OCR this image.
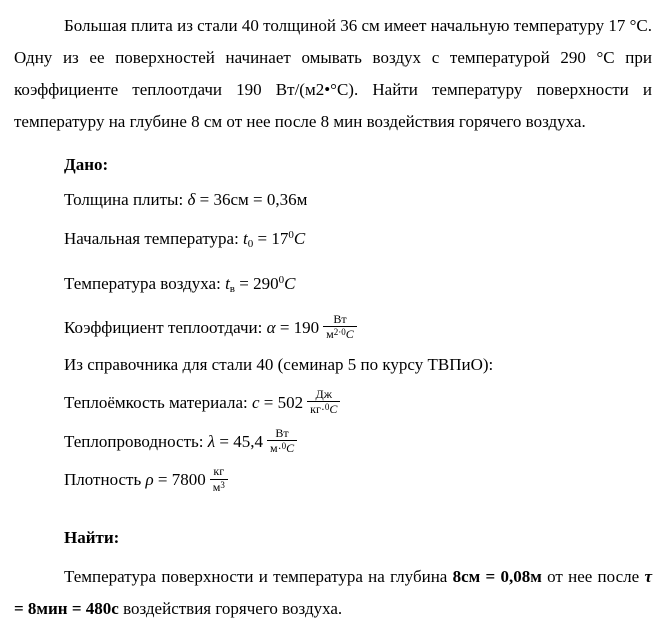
Большая плита из стали 40 толщиной 36 см имеет начальную температуру 17 °С. Одну из ее поверхностей начинает омывать воздух с температурой 290 °С при коэффициенте теплоотдачи 190 Вт/(м2•°С). Найти температуру поверхности и температуру на глубине 8 см от нее после 8 мин воздействия горячего воздуха.

Дано:

Толщина плиты: δ = 36см = 0,36м

Начальная температура: $t_0 = 17^0C$

Температура воздуха: $t_в = 290^0C$

Коэффициент теплоотдачи: $\alpha = 190 \frac{Вт}{м^{2\cdot 0}С}$

Из справочника для стали 40 (семинар 5 по курсу ТВПиО):

Теплоёмкость материала: $c = 502 \frac{Дж}{кг\cdot^0С}$

Теплопроводность: $\lambda = 45,4 \frac{Вт}{м\cdot^0С}$

Плотность $\rho = 7800 \frac{кг}{м^3}$

Найти:

Температура поверхности и температура на глубина 8см = 0,08м от нее после τ = 8мин = 480с воздействия горячего воздуха.
